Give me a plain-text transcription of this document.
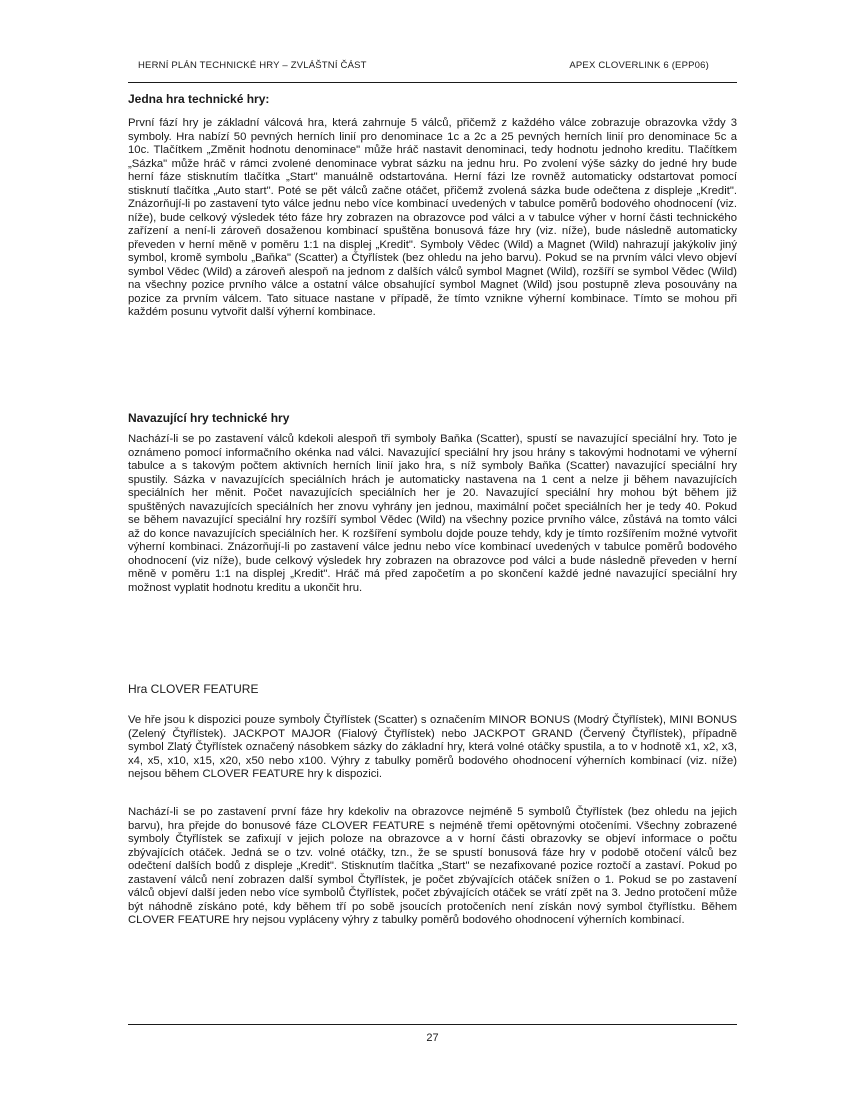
HERNÍ PLÁN TECHNICKÉ HRY – ZVLÁŠTNÍ ČÁST	APEX CLOVERLINK 6 (EPP06)
Jedna hra technické hry:

První fází hry je základní válcová hra, která zahrnuje 5 válců, přičemž z každého válce zobrazuje obrazovka vždy 3 symboly. Hra nabízí 50 pevných herních linií pro denominace 1c a 2c a 25 pevných herních linií pro denominace 5c a 10c. Tlačítkem „Změnit hodnotu denominace" může hráč nastavit denominaci, tedy hodnotu jednoho kreditu. Tlačítkem „Sázka" může hráč v rámci zvolené denominace vybrat sázku na jednu hru. Po zvolení výše sázky do jedné hry bude herní fáze stisknutím tlačítka „Start" manuálně odstartována. Herní fázi lze rovněž automaticky odstartovat pomocí stisknutí tlačítka „Auto start". Poté se pět válců začne otáčet, přičemž zvolená sázka bude odečtena z displeje „Kredit". Znázorňují-li po zastavení tyto válce jednu nebo více kombinací uvedených v tabulce poměrů bodového ohodnocení (viz. níže), bude celkový výsledek této fáze hry zobrazen na obrazovce pod válci a v tabulce výher v horní části technického zařízení a není-li zároveň dosaženou kombinací spuštěna bonusová fáze hry (viz. níže), bude následně automaticky převeden v herní měně v poměru 1:1 na displej „Kredit". Symboly Vědec (Wild) a Magnet (Wild) nahrazují jakýkoliv jiný symbol, kromě symbolu „Baňka" (Scatter) a Čtyřlístek (bez ohledu na jeho barvu). Pokud se na prvním válci vlevo objeví symbol Vědec (Wild) a zároveň alespoň na jednom z dalších válců symbol Magnet (Wild), rozšíří se symbol Vědec (Wild) na všechny pozice prvního válce a ostatní válce obsahující symbol Magnet (Wild) jsou postupně zleva posouvány na pozice za prvním válcem. Tato situace nastane v případě, že tímto vznikne výherní kombinace. Tímto se mohou při každém posunu vytvořit další výherní kombinace.

Navazující hry technické hry

Nachází-li se po zastavení válců kdekoli alespoň tři symboly Baňka (Scatter), spustí se navazující speciální hry. Toto je oznámeno pomocí informačního okénka nad válci. Navazující speciální hry jsou hrány s takovými hodnotami ve výherní tabulce a s takovým počtem aktivních herních linií jako hra, s níž symboly Baňka (Scatter) navazující speciální hry spustily. Sázka v navazujících speciálních hrách je automaticky nastavena na 1 cent a nelze ji během navazujících speciálních her měnit. Počet navazujících speciálních her je 20. Navazující speciální hry mohou být během již spuštěných navazujících speciálních her znovu vyhrány jen jednou, maximální počet speciálních her je tedy 40. Pokud se během navazující speciální hry rozšíří symbol Vědec (Wild) na všechny pozice prvního válce, zůstává na tomto válci až do konce navazujících speciálních her. K rozšíření symbolu dojde pouze tehdy, kdy je tímto rozšířením možné vytvořit výherní kombinaci. Znázorňují-li po zastavení válce jednu nebo více kombinací uvedených v tabulce poměrů bodového ohodnocení (viz níže), bude celkový výsledek hry zobrazen na obrazovce pod válci a bude následně převeden v herní měně v poměru 1:1 na displej „Kredit". Hráč má před započetím a po skončení každé jedné navazující speciální hry možnost vyplatit hodnotu kreditu a ukončit hru.

Hra CLOVER FEATURE

Ve hře jsou k dispozici pouze symboly Čtyřlístek (Scatter) s označením MINOR BONUS (Modrý Čtyřlístek), MINI BONUS (Zelený Čtyřlístek). JACKPOT MAJOR (Fialový Čtyřlístek) nebo JACKPOT GRAND (Červený Čtyřlístek), případně symbol Zlatý Čtyřlístek označený násobkem sázky do základní hry, která volné otáčky spustila, a to v hodnotě x1, x2, x3, x4, x5, x10, x15, x20, x50 nebo x100. Výhry z tabulky poměrů bodového ohodnocení výherních kombinací (viz. níže) nejsou během CLOVER FEATURE hry k dispozici.

Nachází-li se po zastavení první fáze hry kdekoliv na obrazovce nejméně 5 symbolů Čtyřlístek (bez ohledu na jejich barvu), hra přejde do bonusové fáze CLOVER FEATURE s nejméně třemi opětovnými otočeními. Všechny zobrazené symboly Čtyřlístek se zafixují v jejich poloze na obrazovce a v horní části obrazovky se objeví informace o počtu zbývajících otáček. Jedná se o tzv. volné otáčky, tzn., že se spustí bonusová fáze hry v podobě otočení válců bez odečtení dalších bodů z displeje „Kredit". Stisknutím tlačítka „Start" se nezafixované pozice roztočí a zastaví. Pokud po zastavení válců není zobrazen další symbol Čtyřlístek, je počet zbývajících otáček snížen o 1. Pokud se po zastavení válců objeví další jeden nebo více symbolů Čtyřlístek, počet zbývajících otáček se vrátí zpět na 3. Jedno protočení může být náhodně získáno poté, kdy během tří po sobě jsoucích protočeních není získán nový symbol čtyřlístku. Během CLOVER FEATURE hry nejsou vypláceny výhry z tabulky poměrů bodového ohodnocení výherních kombinací.

27
